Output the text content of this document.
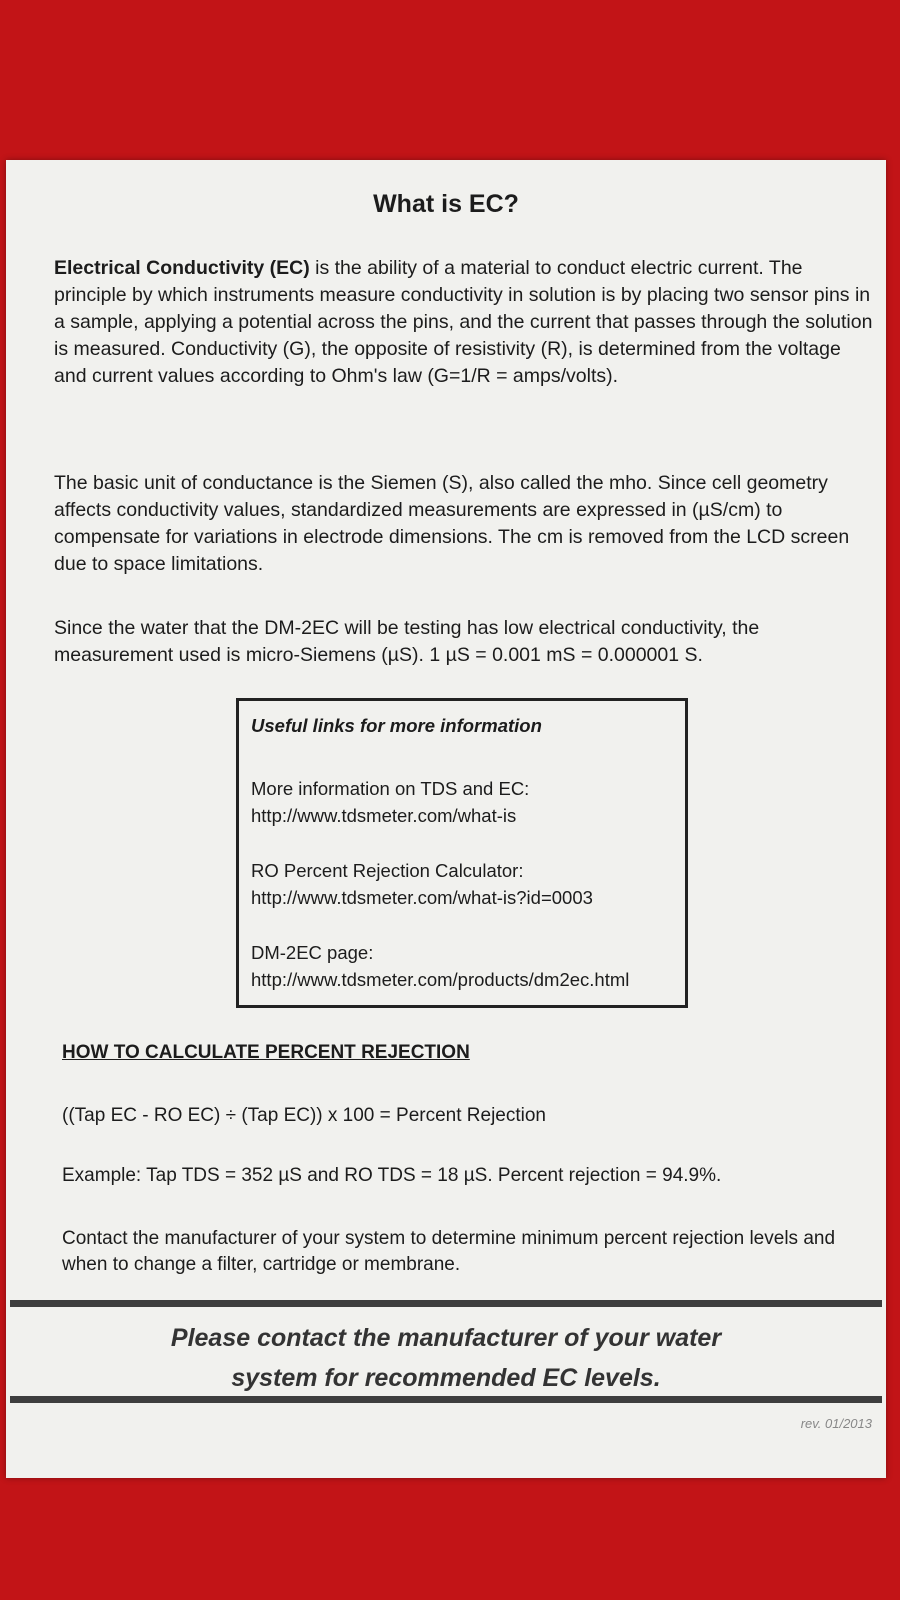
What is EC?

Electrical Conductivity (EC) is the ability of a material to conduct electric current. The principle by which instruments measure conductivity in solution is by placing two sensor pins in a sample, applying a potential across the pins, and the current that passes through the solution is measured. Conductivity (G), the opposite of resistivity (R), is determined from the voltage and current values according to Ohm's law (G=1/R = amps/volts).

The basic unit of conductance is the Siemen (S), also called the mho. Since cell geometry affects conductivity values, standardized measurements are expressed in (µS/cm) to compensate for variations in electrode dimensions. The cm is removed from the LCD screen due to space limitations.

Since the water that the DM-2EC will be testing has low electrical conductivity, the measurement used is micro-Siemens (µS). 1 µS = 0.001 mS = 0.000001 S.

Useful links for more information
More information on TDS and EC:
http://www.tdsmeter.com/what-is
RO Percent Rejection Calculator:
http://www.tdsmeter.com/what-is?id=0003
DM-2EC page:
http://www.tdsmeter.com/products/dm2ec.html
HOW TO CALCULATE PERCENT REJECTION
((Tap EC - RO EC) ÷ (Tap EC)) x 100 = Percent Rejection
Example: Tap TDS = 352 µS and RO TDS = 18 µS. Percent rejection = 94.9%.

Contact the manufacturer of your system to determine minimum percent rejection levels and when to change a filter, cartridge or membrane.

Please contact the manufacturer of your water
system for recommended EC levels.
rev. 01/2013
